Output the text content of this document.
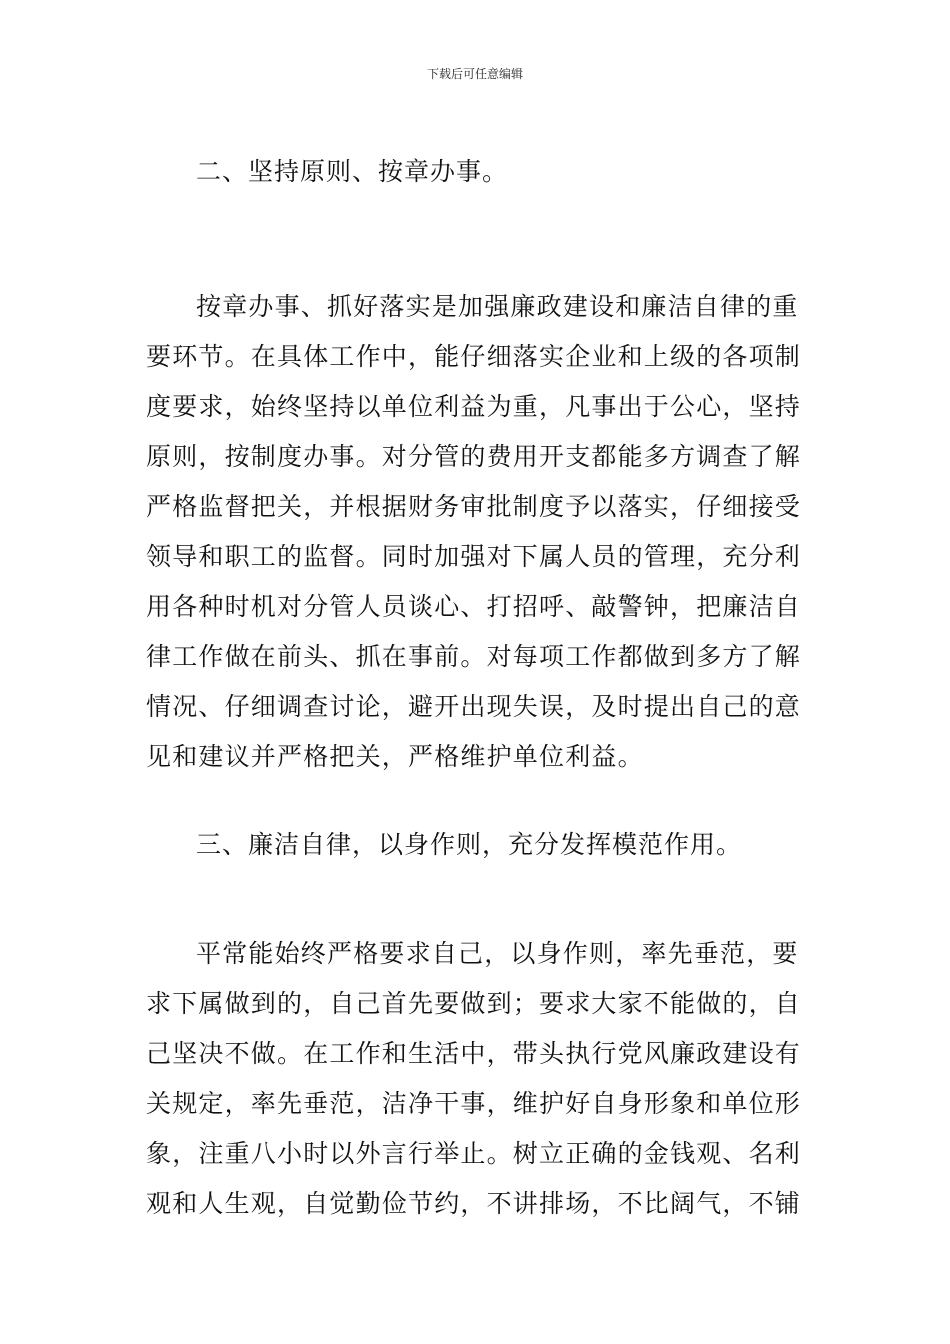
下载后可任意编辑
二、坚持原则、按章办事。
按章办事、抓好落实是加强廉政建设和廉洁自律的重
要环节。在具体工作中，能仔细落实企业和上级的各项制
度要求，始终坚持以单位利益为重，凡事出于公心，坚持
原则，按制度办事。对分管的费用开支都能多方调查了解
严格监督把关，并根据财务审批制度予以落实，仔细接受
领导和职工的监督。同时加强对下属人员的管理，充分利
用各种时机对分管人员谈心、打招呼、敲警钟，把廉洁自
律工作做在前头、抓在事前。对每项工作都做到多方了解
情况、仔细调查讨论，避开出现失误，及时提出自己的意
见和建议并严格把关，严格维护单位利益。
三、廉洁自律，以身作则，充分发挥模范作用。
平常能始终严格要求自己，以身作则，率先垂范，要
求下属做到的，自己首先要做到；要求大家不能做的，自
己坚决不做。在工作和生活中，带头执行党风廉政建设有
关规定，率先垂范，洁净干事，维护好自身形象和单位形
象，注重八小时以外言行举止。树立正确的金钱观、名利
观和人生观，自觉勤俭节约，不讲排场，不比阔气，不铺
